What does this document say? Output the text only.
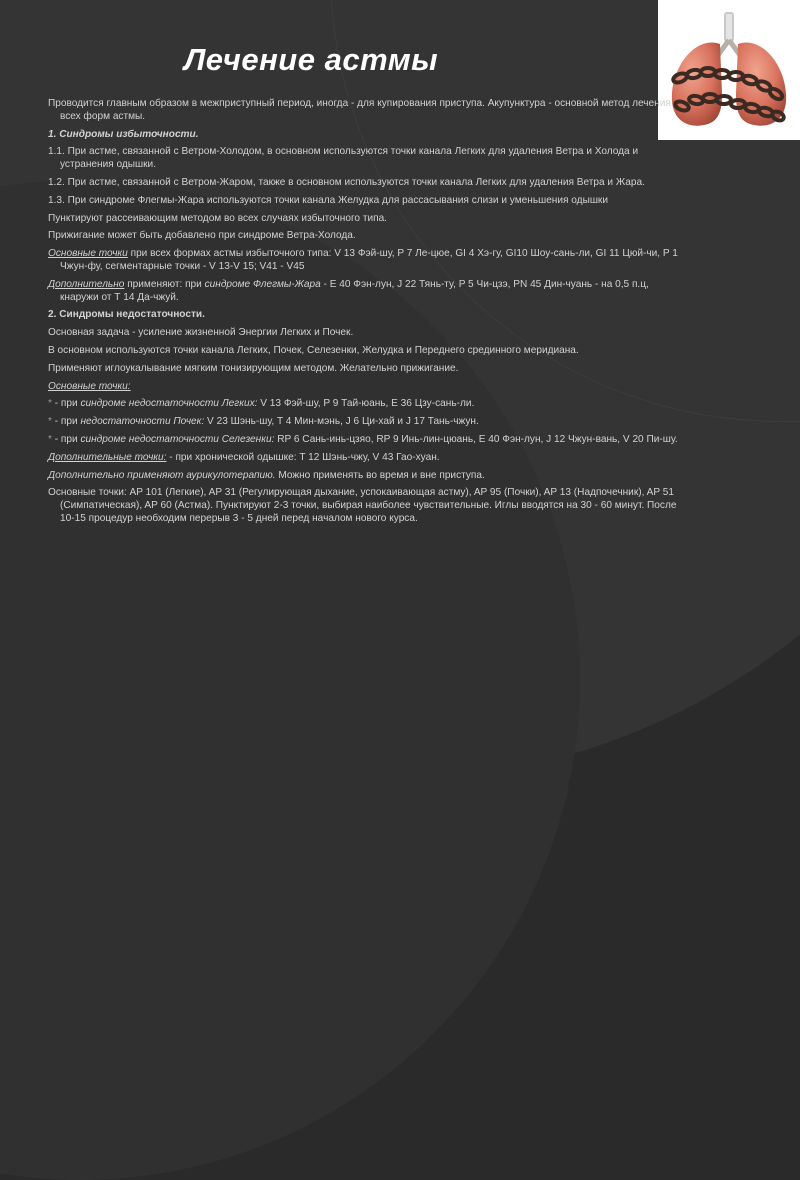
Лечение астмы

Проводится главным образом в межприступный период, иногда - для купирования приступа. Акупунктура - основной метод лечения всех форм астмы.

1. Синдромы избыточности.

1.1. При астме, связанной с Ветром-Холодом, в основном используются точки канала Легких для удаления Ветра и Холода и устранения одышки.

1.2. При астме, связанной с Ветром-Жаром, также в основном используются точки канала Легких для удаления Ветра и Жара.

1.3. При синдроме Флегмы-Жара используются точки канала Желудка для рассасывания слизи и уменьшения одышки

Пунктируют рассеивающим методом во всех случаях избыточного типа.

Прижигание может быть добавлено при синдроме Ветра-Холода.

Основные точки при всех формах астмы избыточного типа: V 13 Фэй-шу, P 7 Ле-цюе, GI 4 Хэ-гу, GI10 Шоу-сань-ли, GI 11 Цюй-чи, P 1 Чжун-фу, сегментарные точки - V 13-V 15; V41 - V45

Дополнительно применяют: при синдроме Флегмы-Жара - Е 40 Фэн-лун, J 22 Тянь-ту, P 5 Чи-цзэ, PN 45 Дин-чуань - на 0,5 п.ц, кнаружи от Т 14 Да-чжуй.

2. Синдромы недостаточности.

Основная задача - усиление жизненной Энергии Легких и Почек.

В основном используются точки канала Легких, Почек, Селезенки, Желудка и Переднего срединного меридиана.

Применяют иглоукалывание мягким тонизирующим методом. Желательно прижигание.

Основные точки:

* - при синдроме недостаточности Легких: V 13 Фэй-шу, P 9 Тай-юань, E 36 Цзу-сань-ли.

* - при недостаточности Почек: V 23 Шэнь-шу, T 4 Мин-мэнь, J 6 Ци-хай и J 17 Тань-чжун.

* - при синдроме недостаточности Селезенки: RP 6 Сань-инь-цзяо, RP 9 Инь-лин-цюань, E 40 Фэн-лун, J 12 Чжун-вань, V 20 Пи-шу.

Дополнительные точки: - при хронической одышке: T 12 Шэнь-чжу, V 43 Гао-хуан.

Дополнительно применяют аурикулотерапию. Можно применять во время и вне приступа.

Основные точки: AP 101 (Легкие), AP 31 (Регулирующая дыхание, успокаивающая астму), AP 95 (Почки), AP 13 (Надпочечник), AP 51 (Симпатическая), AP 60 (Астма). Пунктируют 2-3 точки, выбирая наиболее чувствительные. Иглы вводятся на 30 - 60 минут. После 10-15 процедур необходим перерыв 3 - 5 дней перед началом нового курса.
